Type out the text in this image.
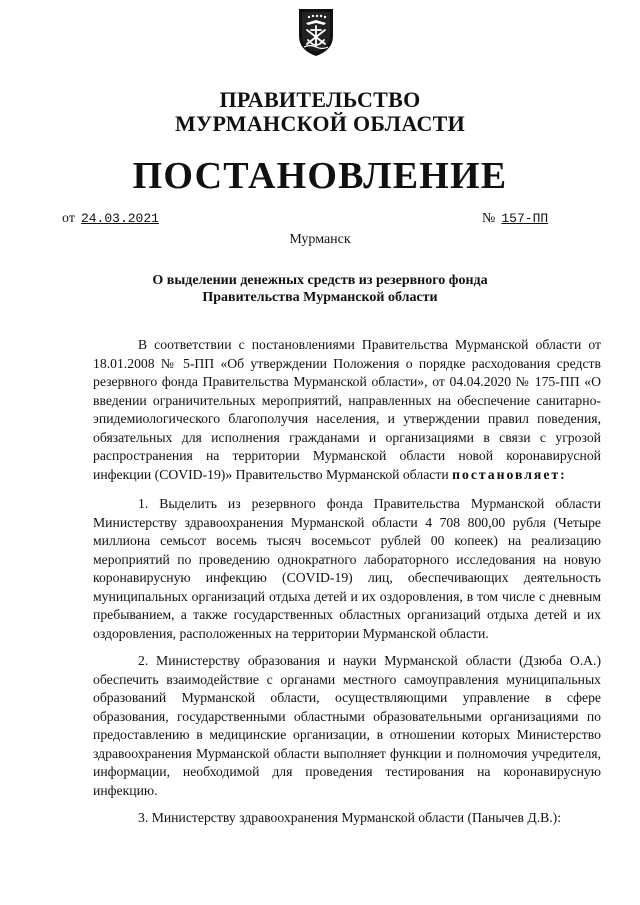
ПРАВИТЕЛЬСТВО
МУРМАНСКОЙ ОБЛАСТИ
ПОСТАНОВЛЕНИЕ
от 24.03.2021	№ 157-ПП
Мурманск
О выделении денежных средств из резервного фонда
Правительства Мурманской области
В соответствии с постановлениями Правительства Мурманской области от 18.01.2008 № 5-ПП «Об утверждении Положения о порядке расходования средств резервного фонда Правительства Мурманской области», от 04.04.2020 № 175-ПП «О введении ограничительных мероприятий, направленных на обеспечение санитарно-эпидемиологического благополучия населения, и утверждении правил поведения, обязательных для исполнения гражданами и организациями в связи с угрозой распространения на территории Мурманской области новой коронавирусной инфекции (COVID-19)» Правительство Мурманской области постановляет:
1. Выделить из резервного фонда Правительства Мурманской области Министерству здравоохранения Мурманской области 4 708 800,00 рубля (Четыре миллиона семьсот восемь тысяч восемьсот рублей 00 копеек) на реализацию мероприятий по проведению однократного лабораторного исследования на новую коронавирусную инфекцию (COVID-19) лиц, обеспечивающих деятельность муниципальных организаций отдыха детей и их оздоровления, в том числе с дневным пребыванием, а также государственных областных организаций отдыха детей и их оздоровления, расположенных на территории Мурманской области.
2. Министерству образования и науки Мурманской области (Дзюба О.А.) обеспечить взаимодействие с органами местного самоуправления муниципальных образований Мурманской области, осуществляющими управление в сфере образования, государственными областными образовательными организациями по предоставлению в медицинские организации, в отношении которых Министерство здравоохранения Мурманской области выполняет функции и полномочия учредителя, информации, необходимой для проведения тестирования на коронавирусную инфекцию.
3. Министерству здравоохранения Мурманской области (Панычев Д.В.):
